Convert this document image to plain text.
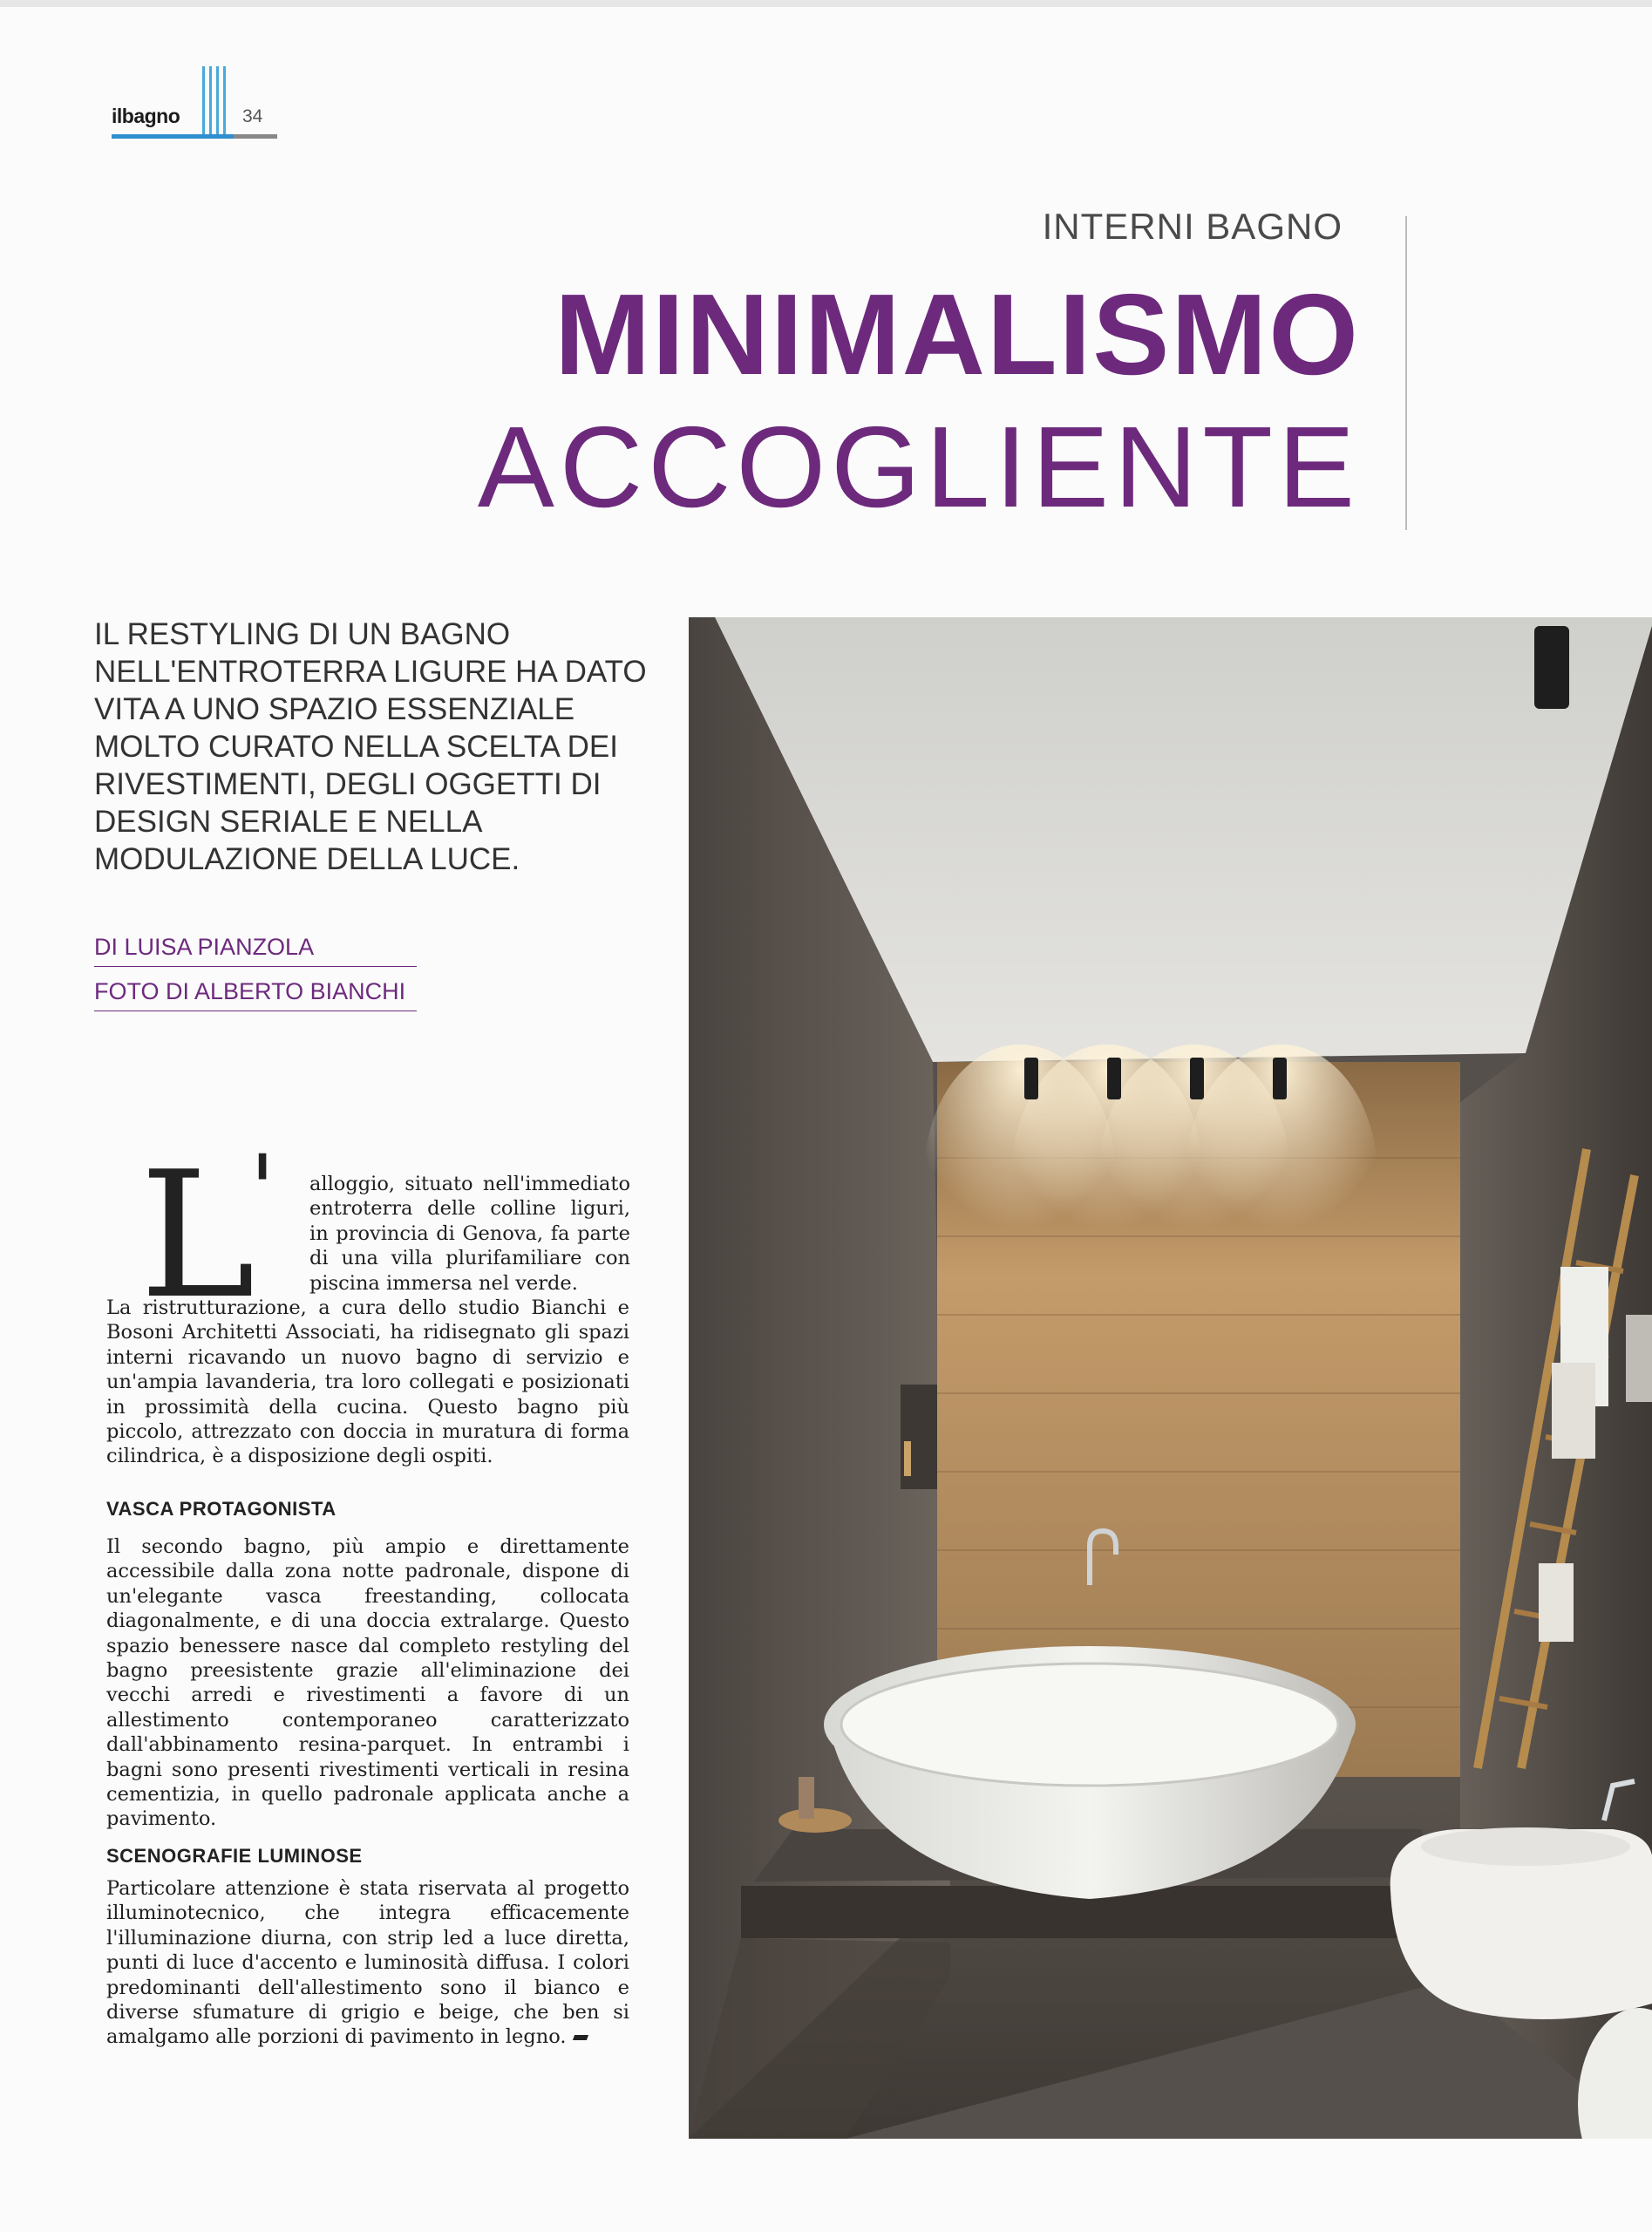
ilbagno	34
INTERNI BAGNO
MINIMALISMO
ACCOGLIENTE
IL RESTYLING DI UN BAGNO NELL'ENTROTERRA LIGURE HA DATO VITA A UNO SPAZIO ESSENZIALE MOLTO CURATO NELLA SCELTA DEI RIVESTIMENTI, DEGLI OGGETTI DI DESIGN SERIALE E NELLA MODULAZIONE DELLA LUCE.
DI LUISA PIANZOLA
FOTO DI ALBERTO BIANCHI
L
' alloggio, situato nell'immediato entroterra delle colline liguri, in provincia di Genova, fa parte di una villa plurifamiliare con piscina immersa nel verde.
La ristrutturazione, a cura dello studio Bianchi e Bosoni Architetti Associati, ha ridisegnato gli spazi interni ricavando un nuovo bagno di servizio e un'ampia lavanderia, tra loro collegati e posizionati in prossimità della cucina. Questo bagno più piccolo, attrezzato con doccia in muratura di forma cilindrica, è a disposizione degli ospiti.
VASCA PROTAGONISTA
Il secondo bagno, più ampio e direttamente accessibile dalla zona notte padronale, dispone di un'elegante vasca freestanding, collocata diagonalmente, e di una doccia extralarge. Questo spazio benessere nasce dal completo restyling del bagno preesistente grazie all'eliminazione dei vecchi arredi e rivestimenti a favore di un allestimento contemporaneo caratterizzato dall'abbinamento resina-parquet. In entrambi i bagni sono presenti rivestimenti verticali in resina cementizia, in quello padronale applicata anche a pavimento.
SCENOGRAFIE LUMINOSE
Particolare attenzione è stata riservata al progetto illuminotecnico, che integra efficacemente l'illuminazione diurna, con strip led a luce diretta, punti di luce d'accento e luminosità diffusa. I colori predominanti dell'allestimento sono il bianco e diverse sfumature di grigio e beige, che ben si amalgamo alle porzioni di pavimento in legno.
